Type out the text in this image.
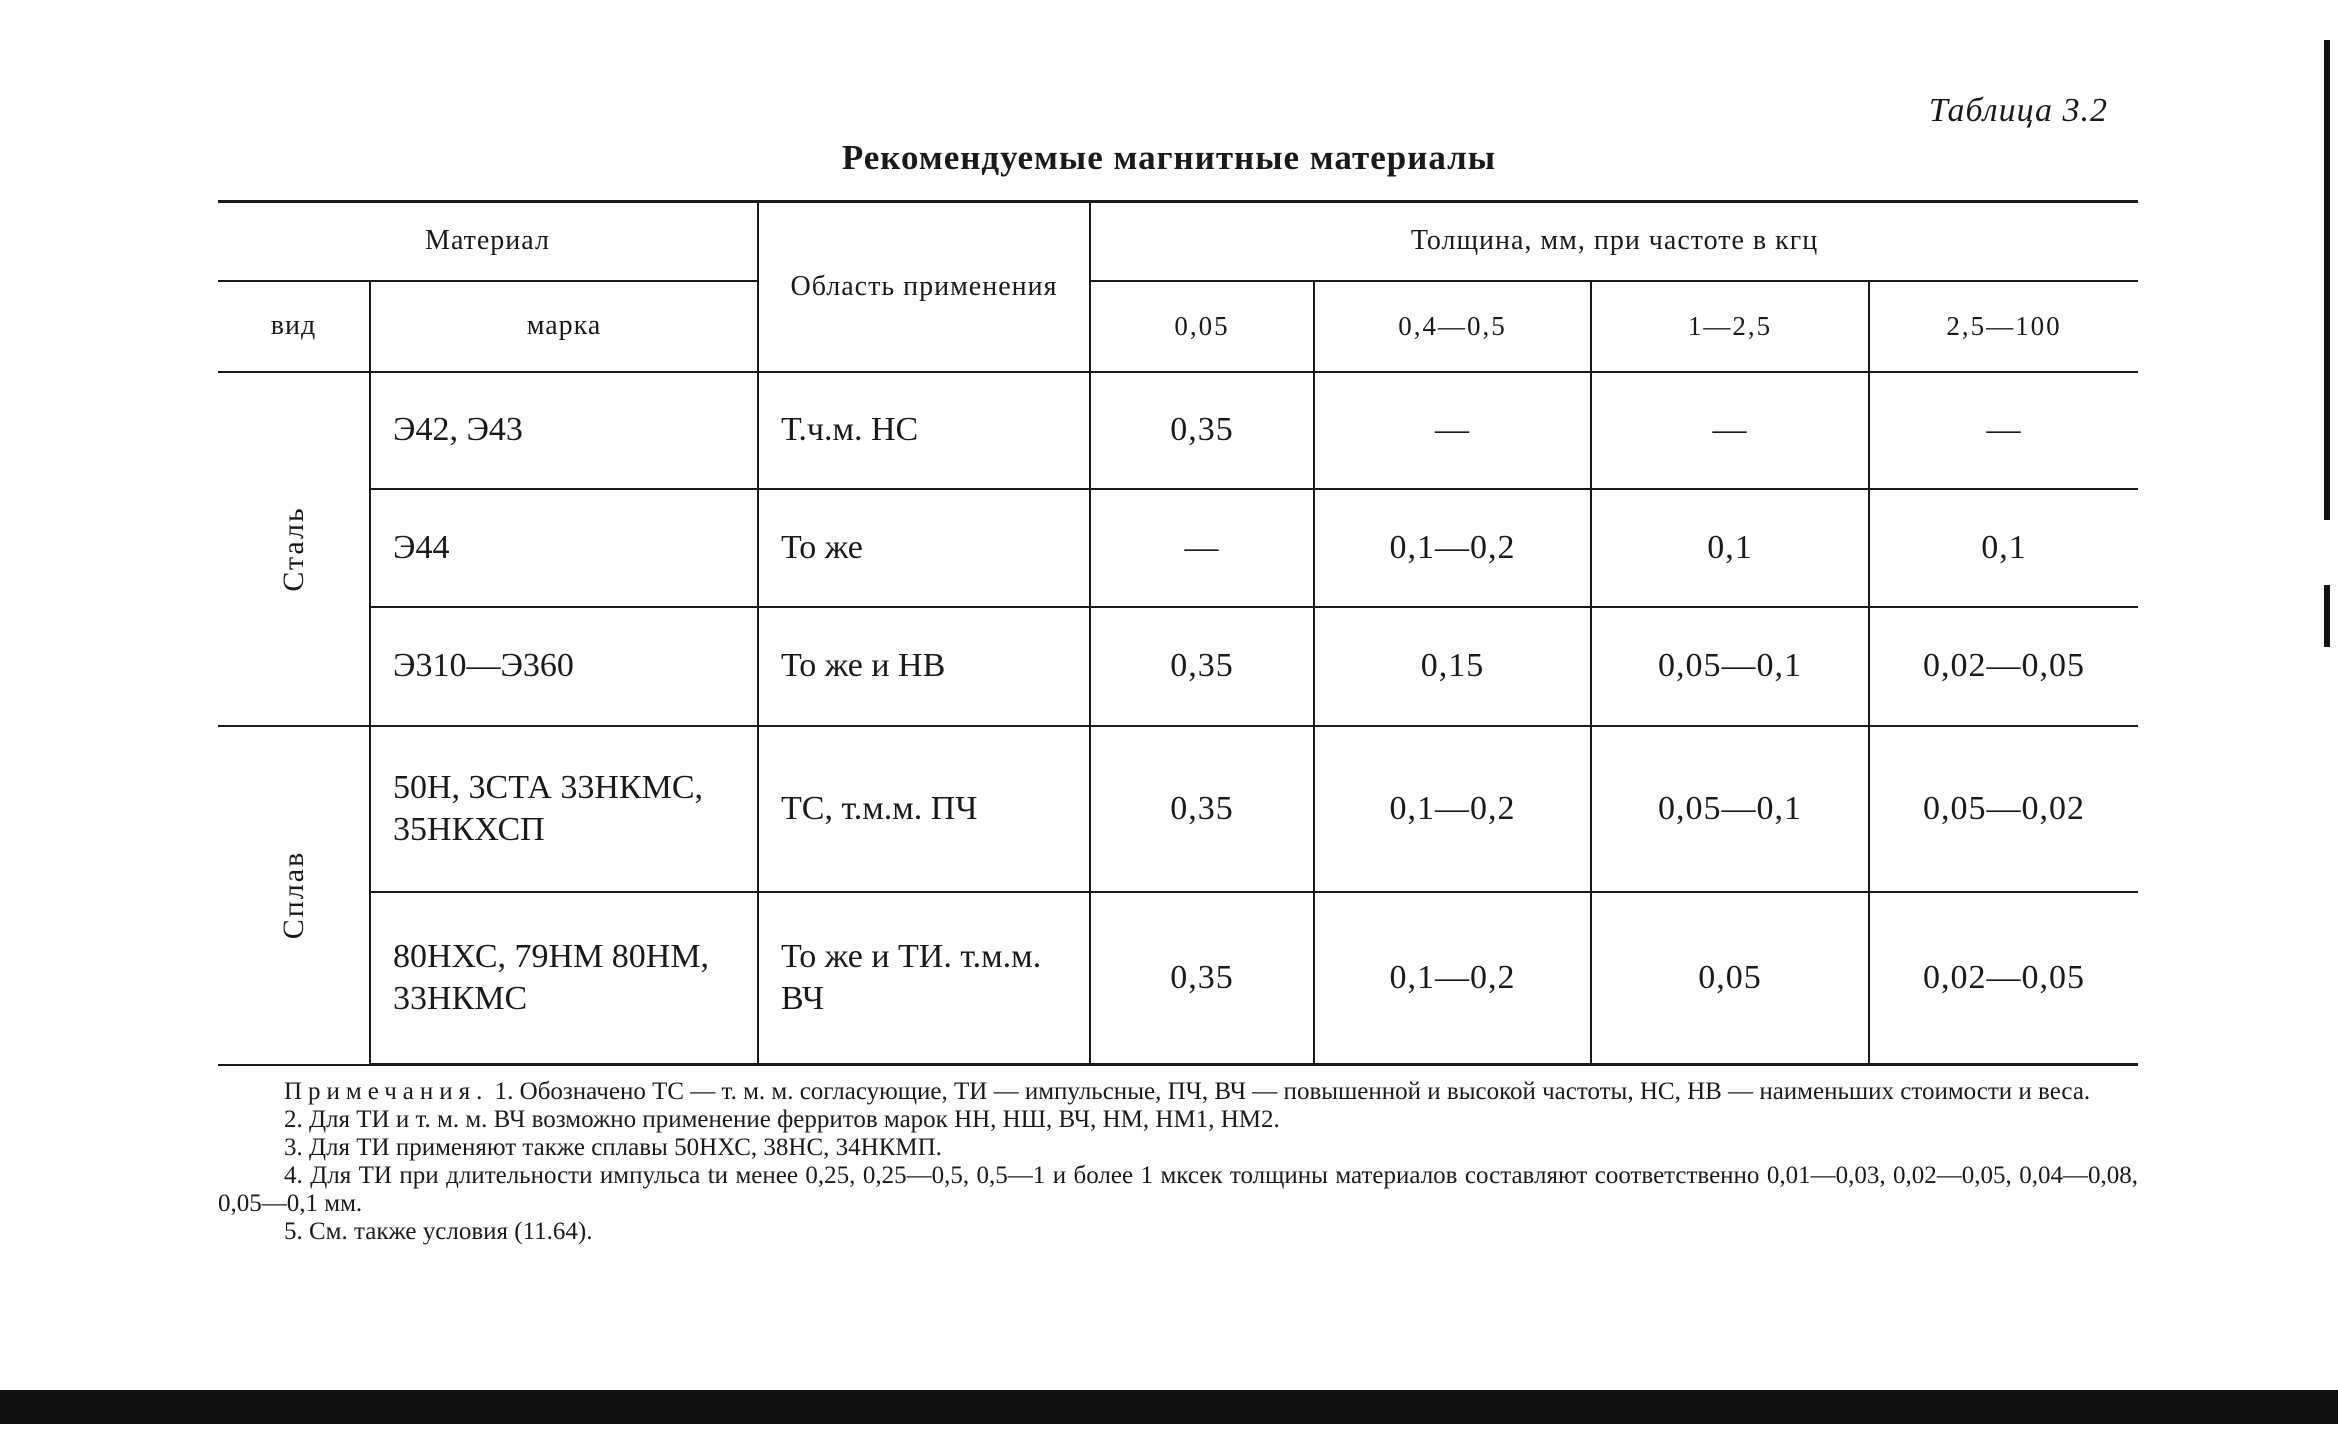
Таблица 3.2
Рекомендуемые магнитные материалы
Материал		Область применения	Толщина, мм, при частоте в кгц			
вид	марка		0,05	0,4—0,5	1—2,5	2,5—100

Сталь	Э42, Э43	Т.ч.м. НС	0,35	—	—	—
	Э44	То же	—	0,1—0,2	0,1	0,1
	Э310—Э360	То же и НВ	0,35	0,15	0,05—0,1	0,02—0,05

Сплав	50Н, 3СТА 33НКМС, 35НКХСП	ТС, т.м.м. ПЧ	0,35	0,1—0,2	0,05—0,1	0,05—0,02
	80НХС, 79НМ 80НМ, 33НКМС	То же и ТИ. т.м.м. ВЧ	0,35	0,1—0,2	0,05	0,02—0,05

Примечания. 1. Обозначено ТС — т. м. м. согласующие, ТИ — импульсные, ПЧ, ВЧ — повышенной и высокой частоты, НС, НВ — наименьших стоимости и веса.

2. Для ТИ и т. м. м. ВЧ возможно применение ферритов марок НН, НШ, ВЧ, НМ, НМ1, НМ2.

3. Для ТИ применяют также сплавы 50НХС, 38НС, 34НКМП.

4. Для ТИ при длительности импульса tи менее 0,25, 0,25—0,5, 0,5—1 и более 1 мксек толщины материалов составляют соответственно 0,01—0,03, 0,02—0,05, 0,04—0,08, 0,05—0,1 мм.

5. См. также условия (11.64).
